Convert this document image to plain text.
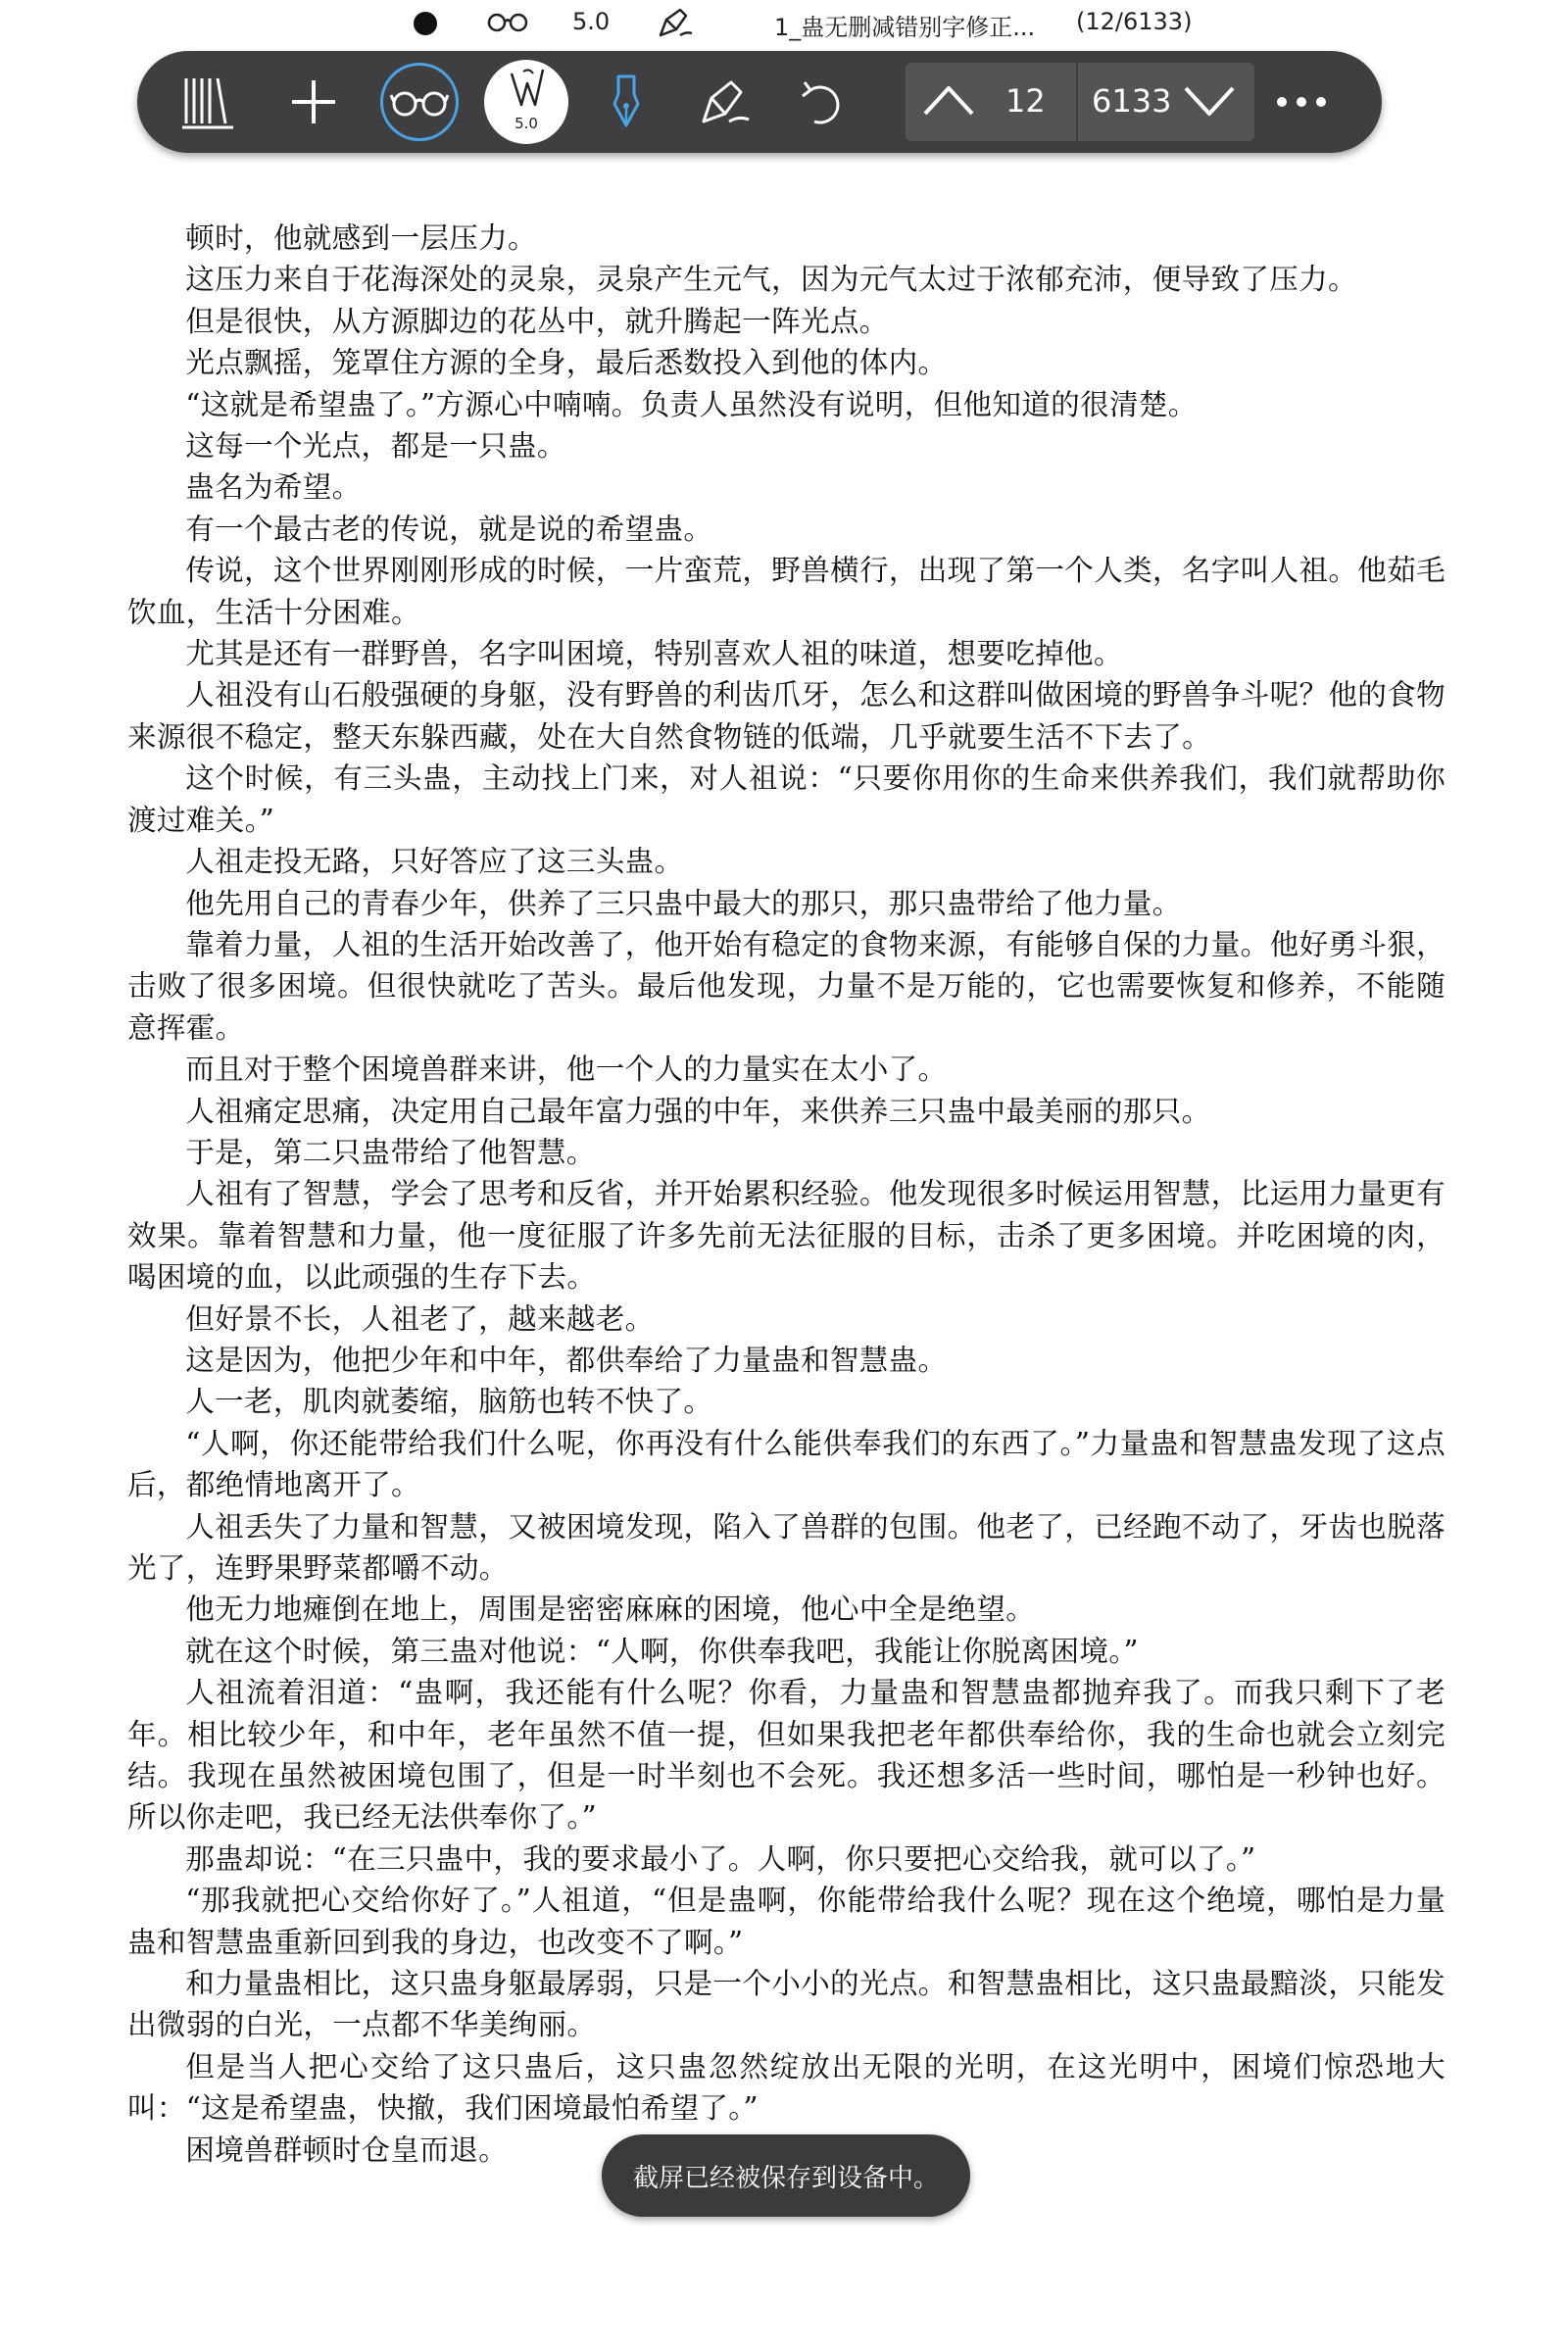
5.0	1_蛊无删减错别字修正... (12/6133)
5.0
12 6133

顿时，他就感到一层压力。

这压力来自于花海深处的灵泉，灵泉产生元气，因为元气太过于浓郁充沛，便导致了压力。

但是很快，从方源脚边的花丛中，就升腾起一阵光点。

光点飘摇，笼罩住方源的全身，最后悉数投入到他的体内。

“这就是希望蛊了。”方源心中喃喃。负责人虽然没有说明，但他知道的很清楚。

这每一个光点，都是一只蛊。

蛊名为希望。

有一个最古老的传说，就是说的希望蛊。

传说，这个世界刚刚形成的时候，一片蛮荒，野兽横行，出现了第一个人类，名字叫人祖。他茹毛饮血，生活十分困难。

尤其是还有一群野兽，名字叫困境，特别喜欢人祖的味道，想要吃掉他。

人祖没有山石般强硬的身躯，没有野兽的利齿爪牙，怎么和这群叫做困境的野兽争斗呢？他的食物来源很不稳定，整天东躲西藏，处在大自然食物链的低端，几乎就要生活不下去了。

这个时候，有三头蛊，主动找上门来，对人祖说：“只要你用你的生命来供养我们，我们就帮助你渡过难关。”

人祖走投无路，只好答应了这三头蛊。

他先用自己的青春少年，供养了三只蛊中最大的那只，那只蛊带给了他力量。

靠着力量，人祖的生活开始改善了，他开始有稳定的食物来源，有能够自保的力量。他好勇斗狠，击败了很多困境。但很快就吃了苦头。最后他发现，力量不是万能的，它也需要恢复和修养，不能随意挥霍。

而且对于整个困境兽群来讲，他一个人的力量实在太小了。

人祖痛定思痛，决定用自己最年富力强的中年，来供养三只蛊中最美丽的那只。

于是，第二只蛊带给了他智慧。

人祖有了智慧，学会了思考和反省，并开始累积经验。他发现很多时候运用智慧，比运用力量更有效果。靠着智慧和力量，他一度征服了许多先前无法征服的目标，击杀了更多困境。并吃困境的肉，喝困境的血，以此顽强的生存下去。

但好景不长，人祖老了，越来越老。

这是因为，他把少年和中年，都供奉给了力量蛊和智慧蛊。

人一老，肌肉就萎缩，脑筋也转不快了。

“人啊，你还能带给我们什么呢，你再没有什么能供奉我们的东西了。”力量蛊和智慧蛊发现了这点后，都绝情地离开了。

人祖丢失了力量和智慧，又被困境发现，陷入了兽群的包围。他老了，已经跑不动了，牙齿也脱落光了，连野果野菜都嚼不动。

他无力地瘫倒在地上，周围是密密麻麻的困境，他心中全是绝望。

就在这个时候，第三蛊对他说：“人啊，你供奉我吧，我能让你脱离困境。”

人祖流着泪道：“蛊啊，我还能有什么呢？你看，力量蛊和智慧蛊都抛弃我了。而我只剩下了老年。相比较少年，和中年，老年虽然不值一提，但如果我把老年都供奉给你，我的生命也就会立刻完结。我现在虽然被困境包围了，但是一时半刻也不会死。我还想多活一些时间，哪怕是一秒钟也好。所以你走吧，我已经无法供奉你了。”

那蛊却说：“在三只蛊中，我的要求最小了。人啊，你只要把心交给我，就可以了。”

“那我就把心交给你好了。”人祖道，“但是蛊啊，你能带给我什么呢？现在这个绝境，哪怕是力量蛊和智慧蛊重新回到我的身边，也改变不了啊。”

和力量蛊相比，这只蛊身躯最孱弱，只是一个小小的光点。和智慧蛊相比，这只蛊最黯淡，只能发出微弱的白光，一点都不华美绚丽。

但是当人把心交给了这只蛊后，这只蛊忽然绽放出无限的光明，在这光明中，困境们惊恐地大叫：“这是希望蛊，快撤，我们困境最怕希望了。”

困境兽群顿时仓皇而退。

截屏已经被保存到设备中。
